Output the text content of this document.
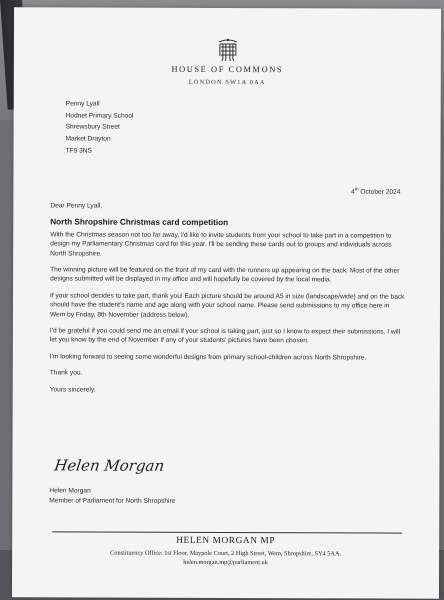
HOUSE OF COMMONS
LONDON SW1A 0AA
Penny Lyall
Hodnet Primary School
Shrewsbury Street
Market Drayton
TF9 3NS
4th October 2024
Dear Penny Lyall,
North Shropshire Christmas card competition
With the Christmas season not too far away, I'd like to invite students from your school to take part in a competition to design my Parliamentary Christmas card for this year. I'll be sending these cards out to groups and individuals across North Shropshire.
The winning picture will be featured on the front of my card with the runners up appearing on the back. Most of the other designs submitted will be displayed in my office and will hopefully be covered by the local media.
If your school decides to take part, thank you! Each picture should be around A5 in size (landscape/wide) and on the back should have the student's name and age along with your school name. Please send submissions to my office here in Wem by Friday, 8th November (address below).
I'd be grateful if you could send me an email if your school is taking part, just so I know to expect their submissions. I will let you know by the end of November if any of your students' pictures have been chosen.
I'm looking forward to seeing some wonderful designs from primary school-children across North Shropshire.
Thank you.
Yours sincerely,
Helen Morgan
Helen Morgan
Member of Parliament for North Shropshire
HELEN MORGAN MP
Constituency Office: 1st Floor, Maypole Court, 2 High Street, Wem, Shropshire, SY4 5AA.
helen.morgan.mp@parliament.uk
